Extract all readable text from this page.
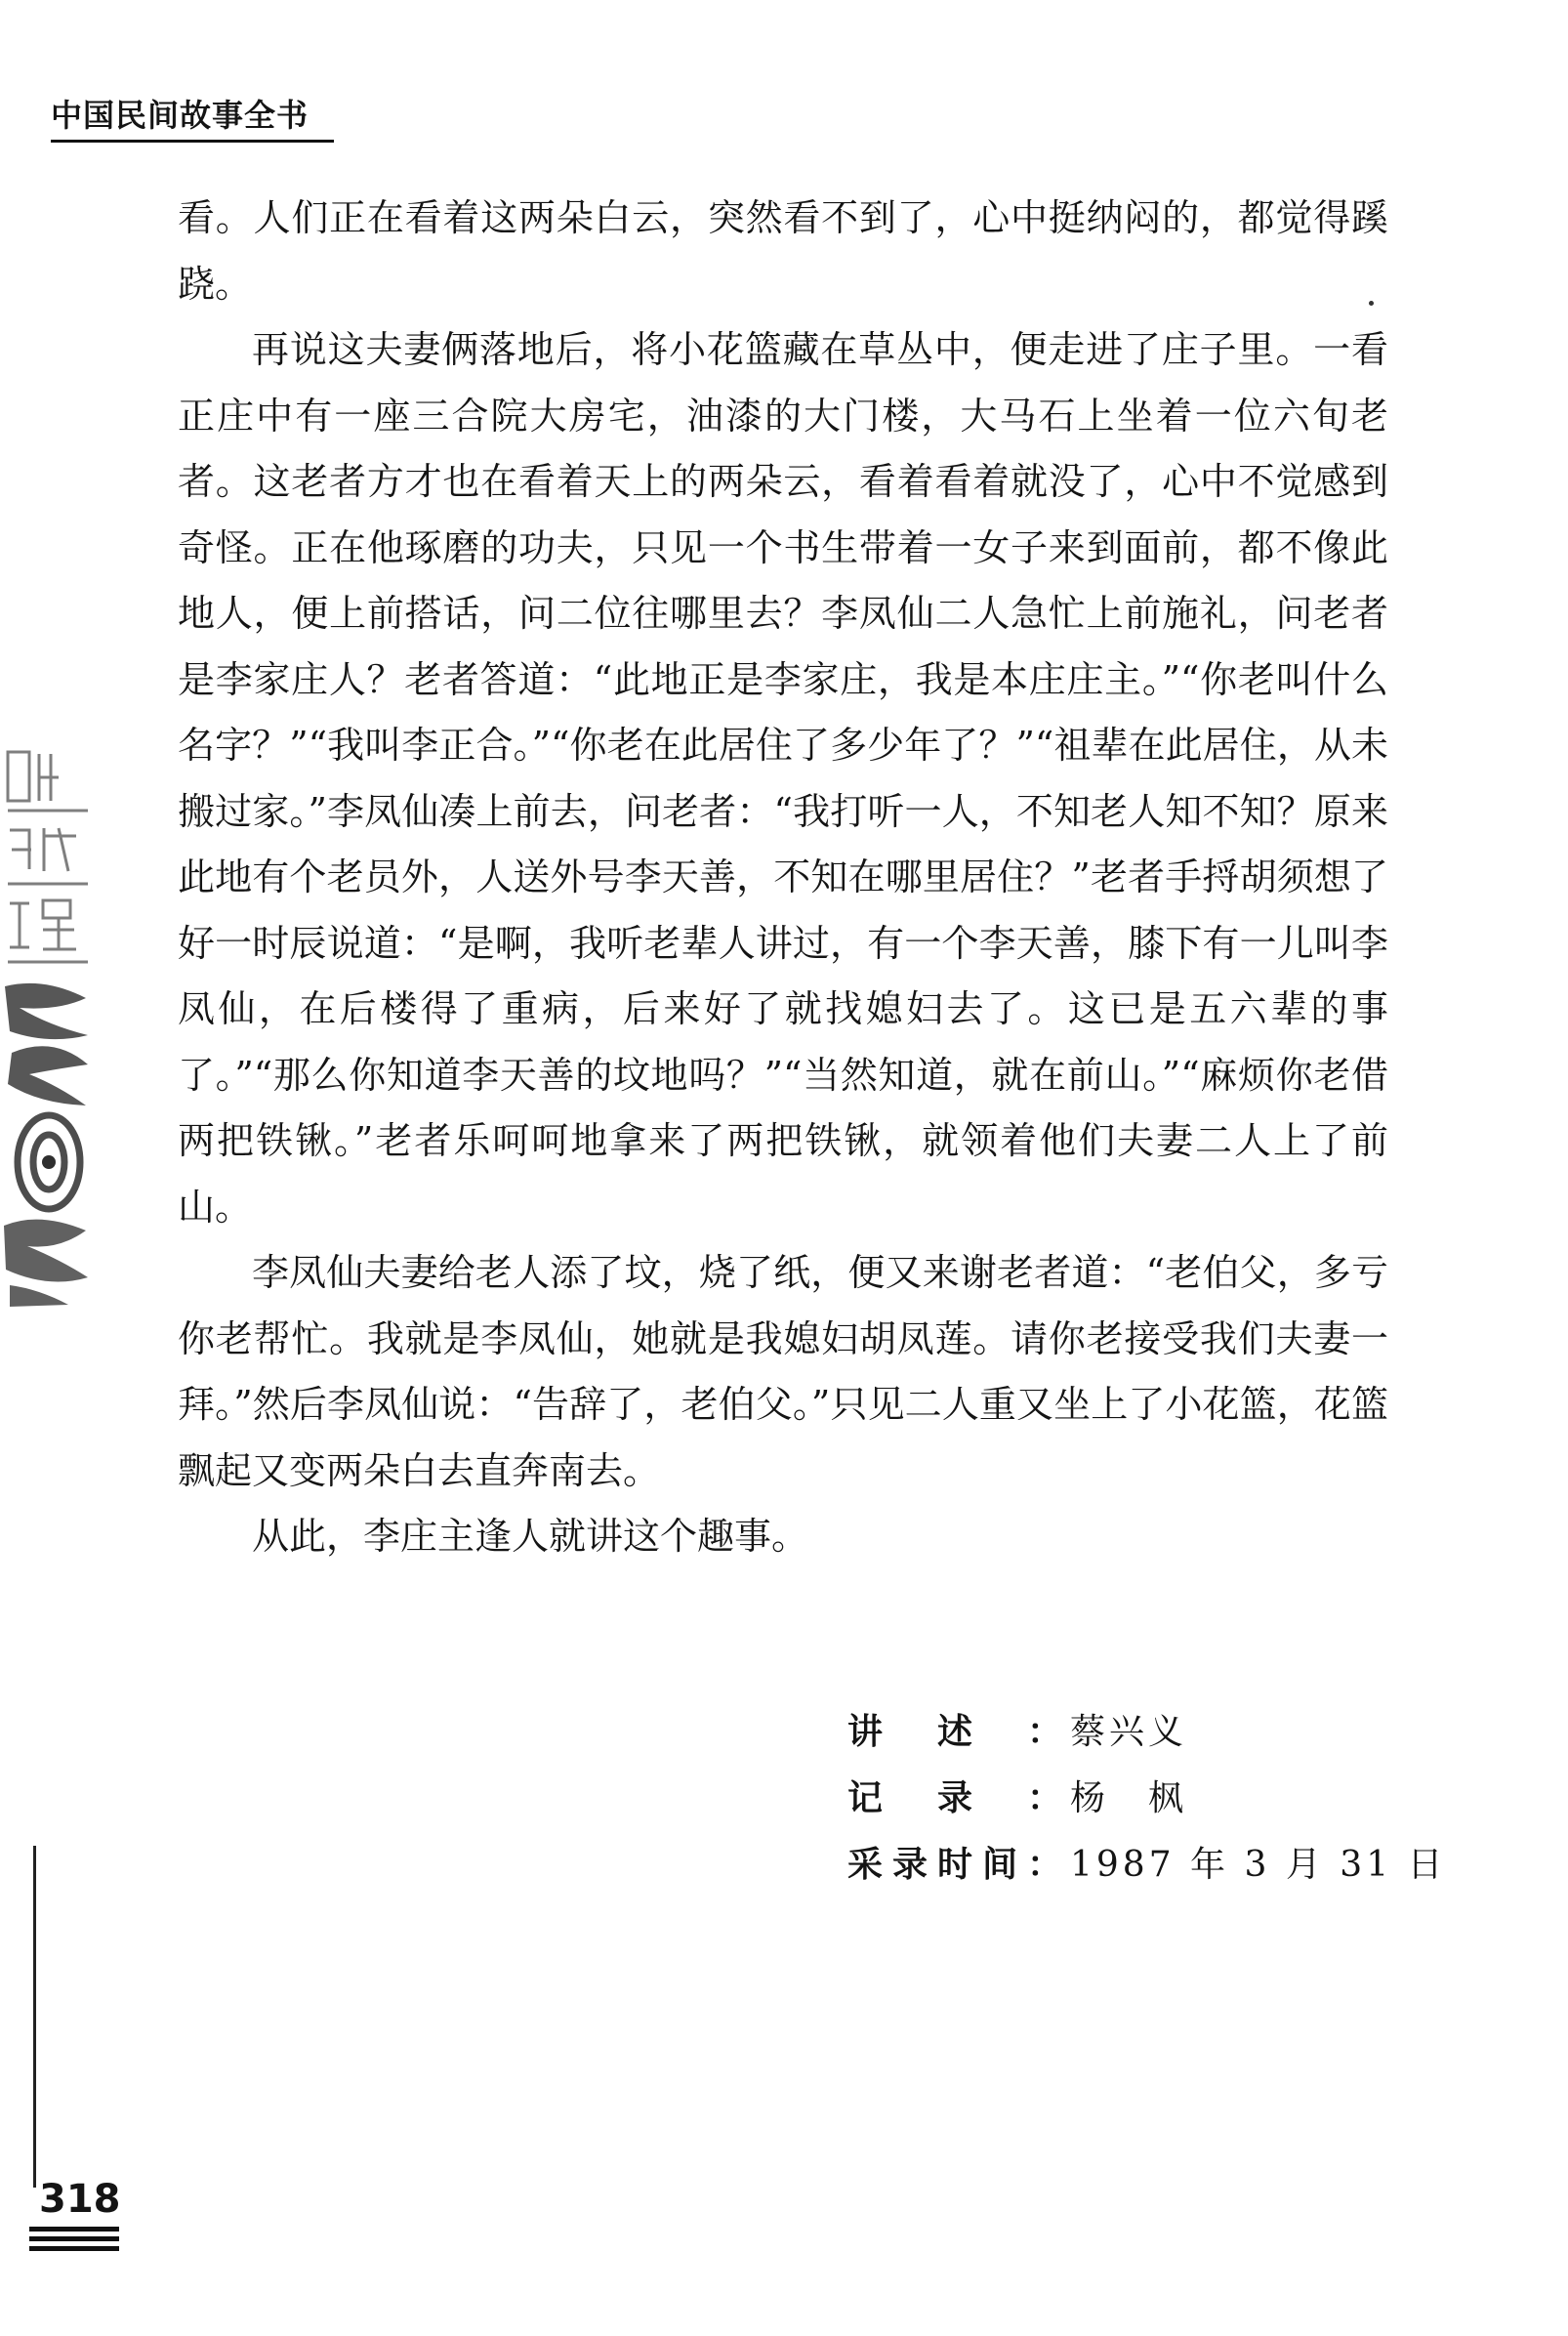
中国民间故事全书

看。人们正在看着这两朵白云，突然看不到了，心中挺纳闷的，都觉得蹊跷。

再说这夫妻俩落地后，将小花篮藏在草丛中，便走进了庄子里。一看正庄中有一座三合院大房宅，油漆的大门楼，大马石上坐着一位六旬老者。这老者方才也在看着天上的两朵云，看着看着就没了，心中不觉感到奇怪。正在他琢磨的功夫，只见一个书生带着一女子来到面前，都不像此地人，便上前搭话，问二位往哪里去？李凤仙二人急忙上前施礼，问老者是李家庄人？老者答道：“此地正是李家庄，我是本庄庄主。”“你老叫什么名字？”“我叫李正合。”“你老在此居住了多少年了？”“祖辈在此居住，从未搬过家。”李凤仙凑上前去，问老者：“我打听一人，不知老人知不知？原来此地有个老员外，人送外号李天善，不知在哪里居住？”老者手捋胡须想了好一时辰说道：“是啊，我听老辈人讲过，有一个李天善，膝下有一儿叫李凤仙，在后楼得了重病，后来好了就找媳妇去了。这已是五六辈的事了。”“那么你知道李天善的坟地吗？”“当然知道，就在前山。”“麻烦你老借两把铁锹。”老者乐呵呵地拿来了两把铁锹，就领着他们夫妻二人上了前山。

李凤仙夫妻给老人添了坟，烧了纸，便又来谢老者道：“老伯父，多亏你老帮忙。我就是李凤仙，她就是我媳妇胡凤莲。请你老接受我们夫妻一拜。”然后李凤仙说：“告辞了，老伯父。”只见二人重又坐上了小花篮，花篮飘起又变两朵白去直奔南去。

从此，李庄主逢人就讲这个趣事。

讲述： 蔡兴义
记录： 杨　枫
采录时间： 1987 年 3 月 31 日
318
